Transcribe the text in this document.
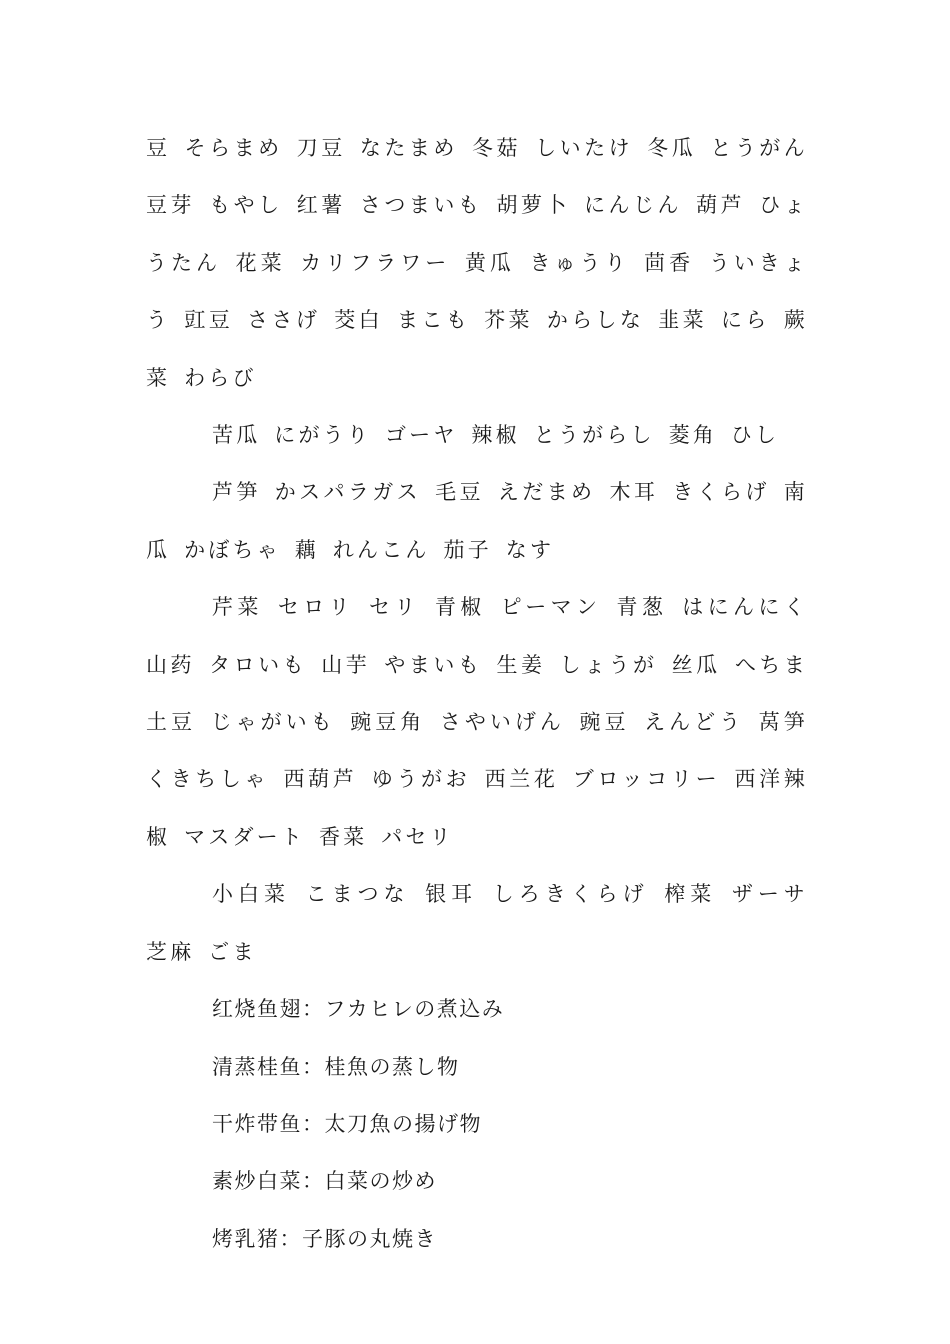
豆 そらまめ 刀豆 なたまめ 冬菇 しいたけ 冬瓜 とうがん 豆芽 もやし 红薯 さつまいも 胡萝卜 にんじん 葫芦 ひょうたん 花菜 カリフラワー 黄瓜 きゅうり 茴香 ういきょう 豇豆 ささげ 茭白 まこも 芥菜 からしな 韭菜 にら 蕨菜 わらび

苦瓜 にがうり ゴーヤ 辣椒 とうがらし 菱角 ひし

芦笋 かスパラガス 毛豆 えだまめ 木耳 きくらげ 南瓜 かぼちゃ 藕 れんこん 茄子 なす

芹菜 セロリ セリ 青椒 ピーマン 青葱 はにんにく 山药 タロいも 山芋 やまいも 生姜 しょうが 丝瓜 へちま 土豆 じゃがいも 豌豆角 さやいげん 豌豆 えんどう 莴笋 くきちしゃ 西葫芦 ゆうがお 西兰花 ブロッコリー 西洋辣椒 マスダート 香菜 パセリ

小白菜 こまつな 银耳 しろきくらげ 榨菜 ザーサ　 芝麻 ごま

红烧鱼翅：フカヒレの煮込み

清蒸桂鱼：桂魚の蒸し物

干炸带鱼：太刀魚の揚げ物

素炒白菜：白菜の炒め

烤乳猪：子豚の丸焼き
